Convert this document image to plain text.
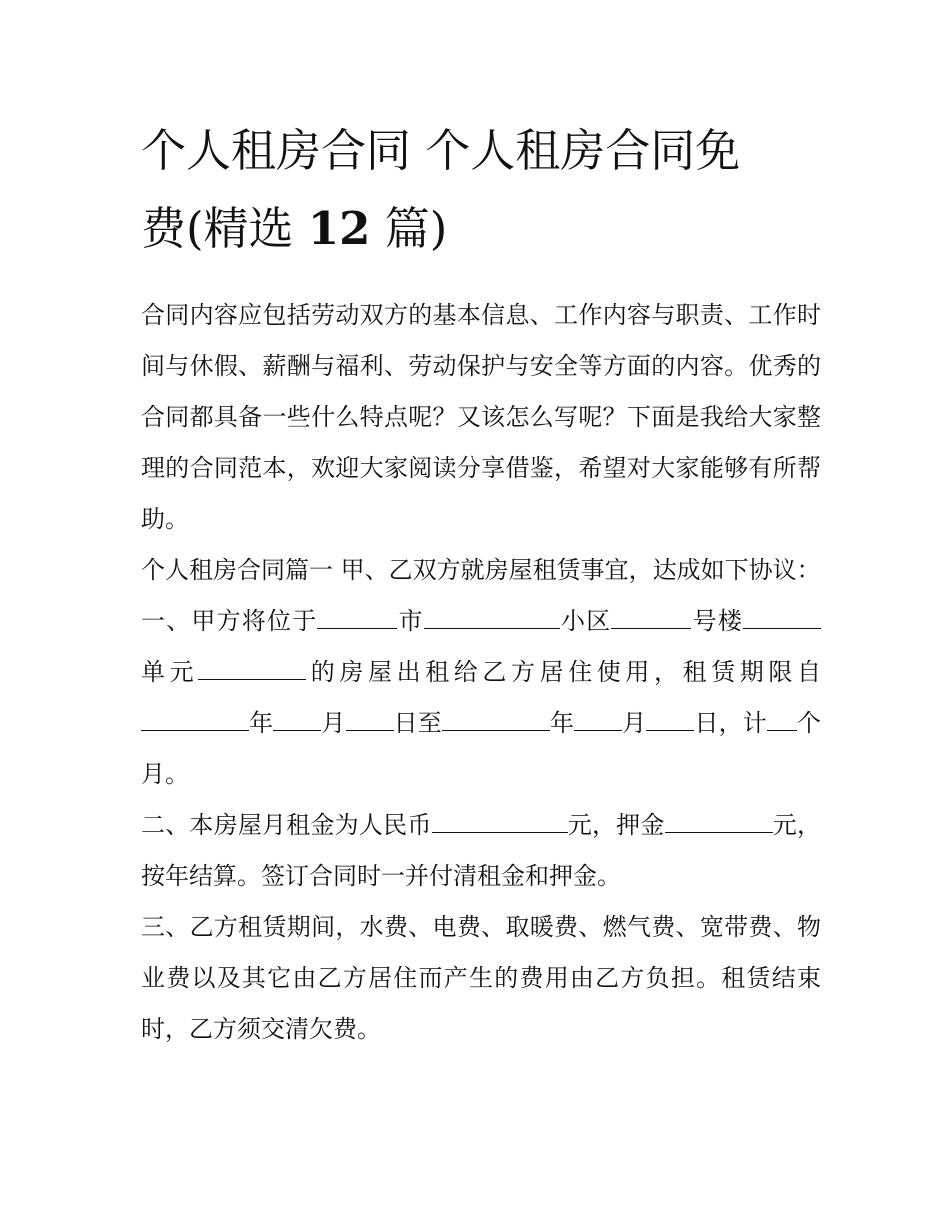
个人租房合同 个人租房合同免
费(精选 12 篇)

合同内容应包括劳动双方的基本信息、工作内容与职责、工作时间与休假、薪酬与福利、劳动保护与安全等方面的内容。优秀的合同都具备一些什么特点呢？又该怎么写呢？下面是我给大家整理的合同范本，欢迎大家阅读分享借鉴，希望对大家能够有所帮助。

个人租房合同篇一 甲、乙双方就房屋租赁事宜，达成如下协议：

一、甲方将位于	市	小区	号楼单元	的房屋出租给乙方居住使用，租赁期限自年 月 日至	年 月 日，计 个月。

二、本房屋月租金为人民币	元，押金	元，按年结算。签订合同时一并付清租金和押金。

三、乙方租赁期间，水费、电费、取暖费、燃气费、宽带费、物业费以及其它由乙方居住而产生的费用由乙方负担。租赁结束时，乙方须交清欠费。
